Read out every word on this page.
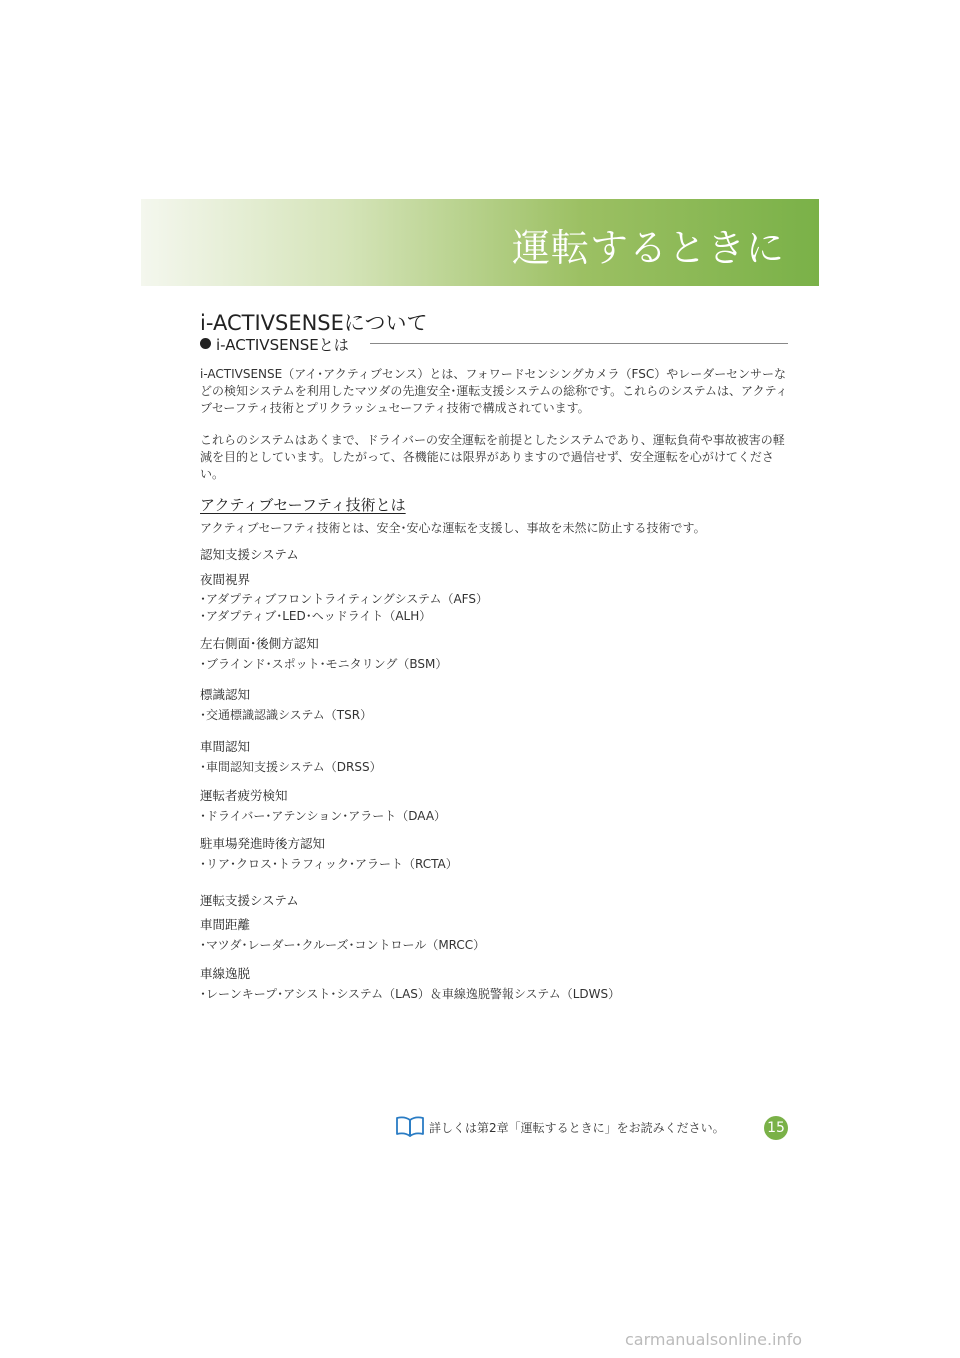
運転するときに
i-ACTIVSENSEについて
i-ACTIVSENSEとは
i-ACTIVSENSE（アイ･アクティブセンス）とは、フォワードセンシングカメラ（FSC）やレーダーセンサーなどの検知システムを利用したマツダの先進安全･運転支援システムの総称です。これらのシステムは、アクティブセーフティ技術とプリクラッシュセーフティ技術で構成されています。
これらのシステムはあくまで、ドライバーの安全運転を前提としたシステムであり、運転負荷や事故被害の軽減を目的としています。したがって、各機能には限界がありますので過信せず、安全運転を心がけてください。
アクティブセーフティ技術とは
アクティブセーフティ技術とは、安全･安心な運転を支援し、事故を未然に防止する技術です。
認知支援システム
夜間視界
･アダプティブフロントライティングシステム（AFS）
･アダプティブ･LED･ヘッドライト（ALH）
左右側面･後側方認知
･ブラインド･スポット･モニタリング（BSM）
標識認知
･交通標識認識システム（TSR）
車間認知
･車間認知支援システム（DRSS）
運転者疲労検知
･ドライバー･アテンション･アラート（DAA）
駐車場発進時後方認知
･リア･クロス･トラフィック･アラート（RCTA）
運転支援システム
車間距離
･マツダ･レーダー･クルーズ･コントロール（MRCC）
車線逸脱
･レーンキープ･アシスト･システム（LAS）＆車線逸脱警報システム（LDWS）
詳しくは第2章「運転するときに」をお読みください。	15
carmanualsonline.info
